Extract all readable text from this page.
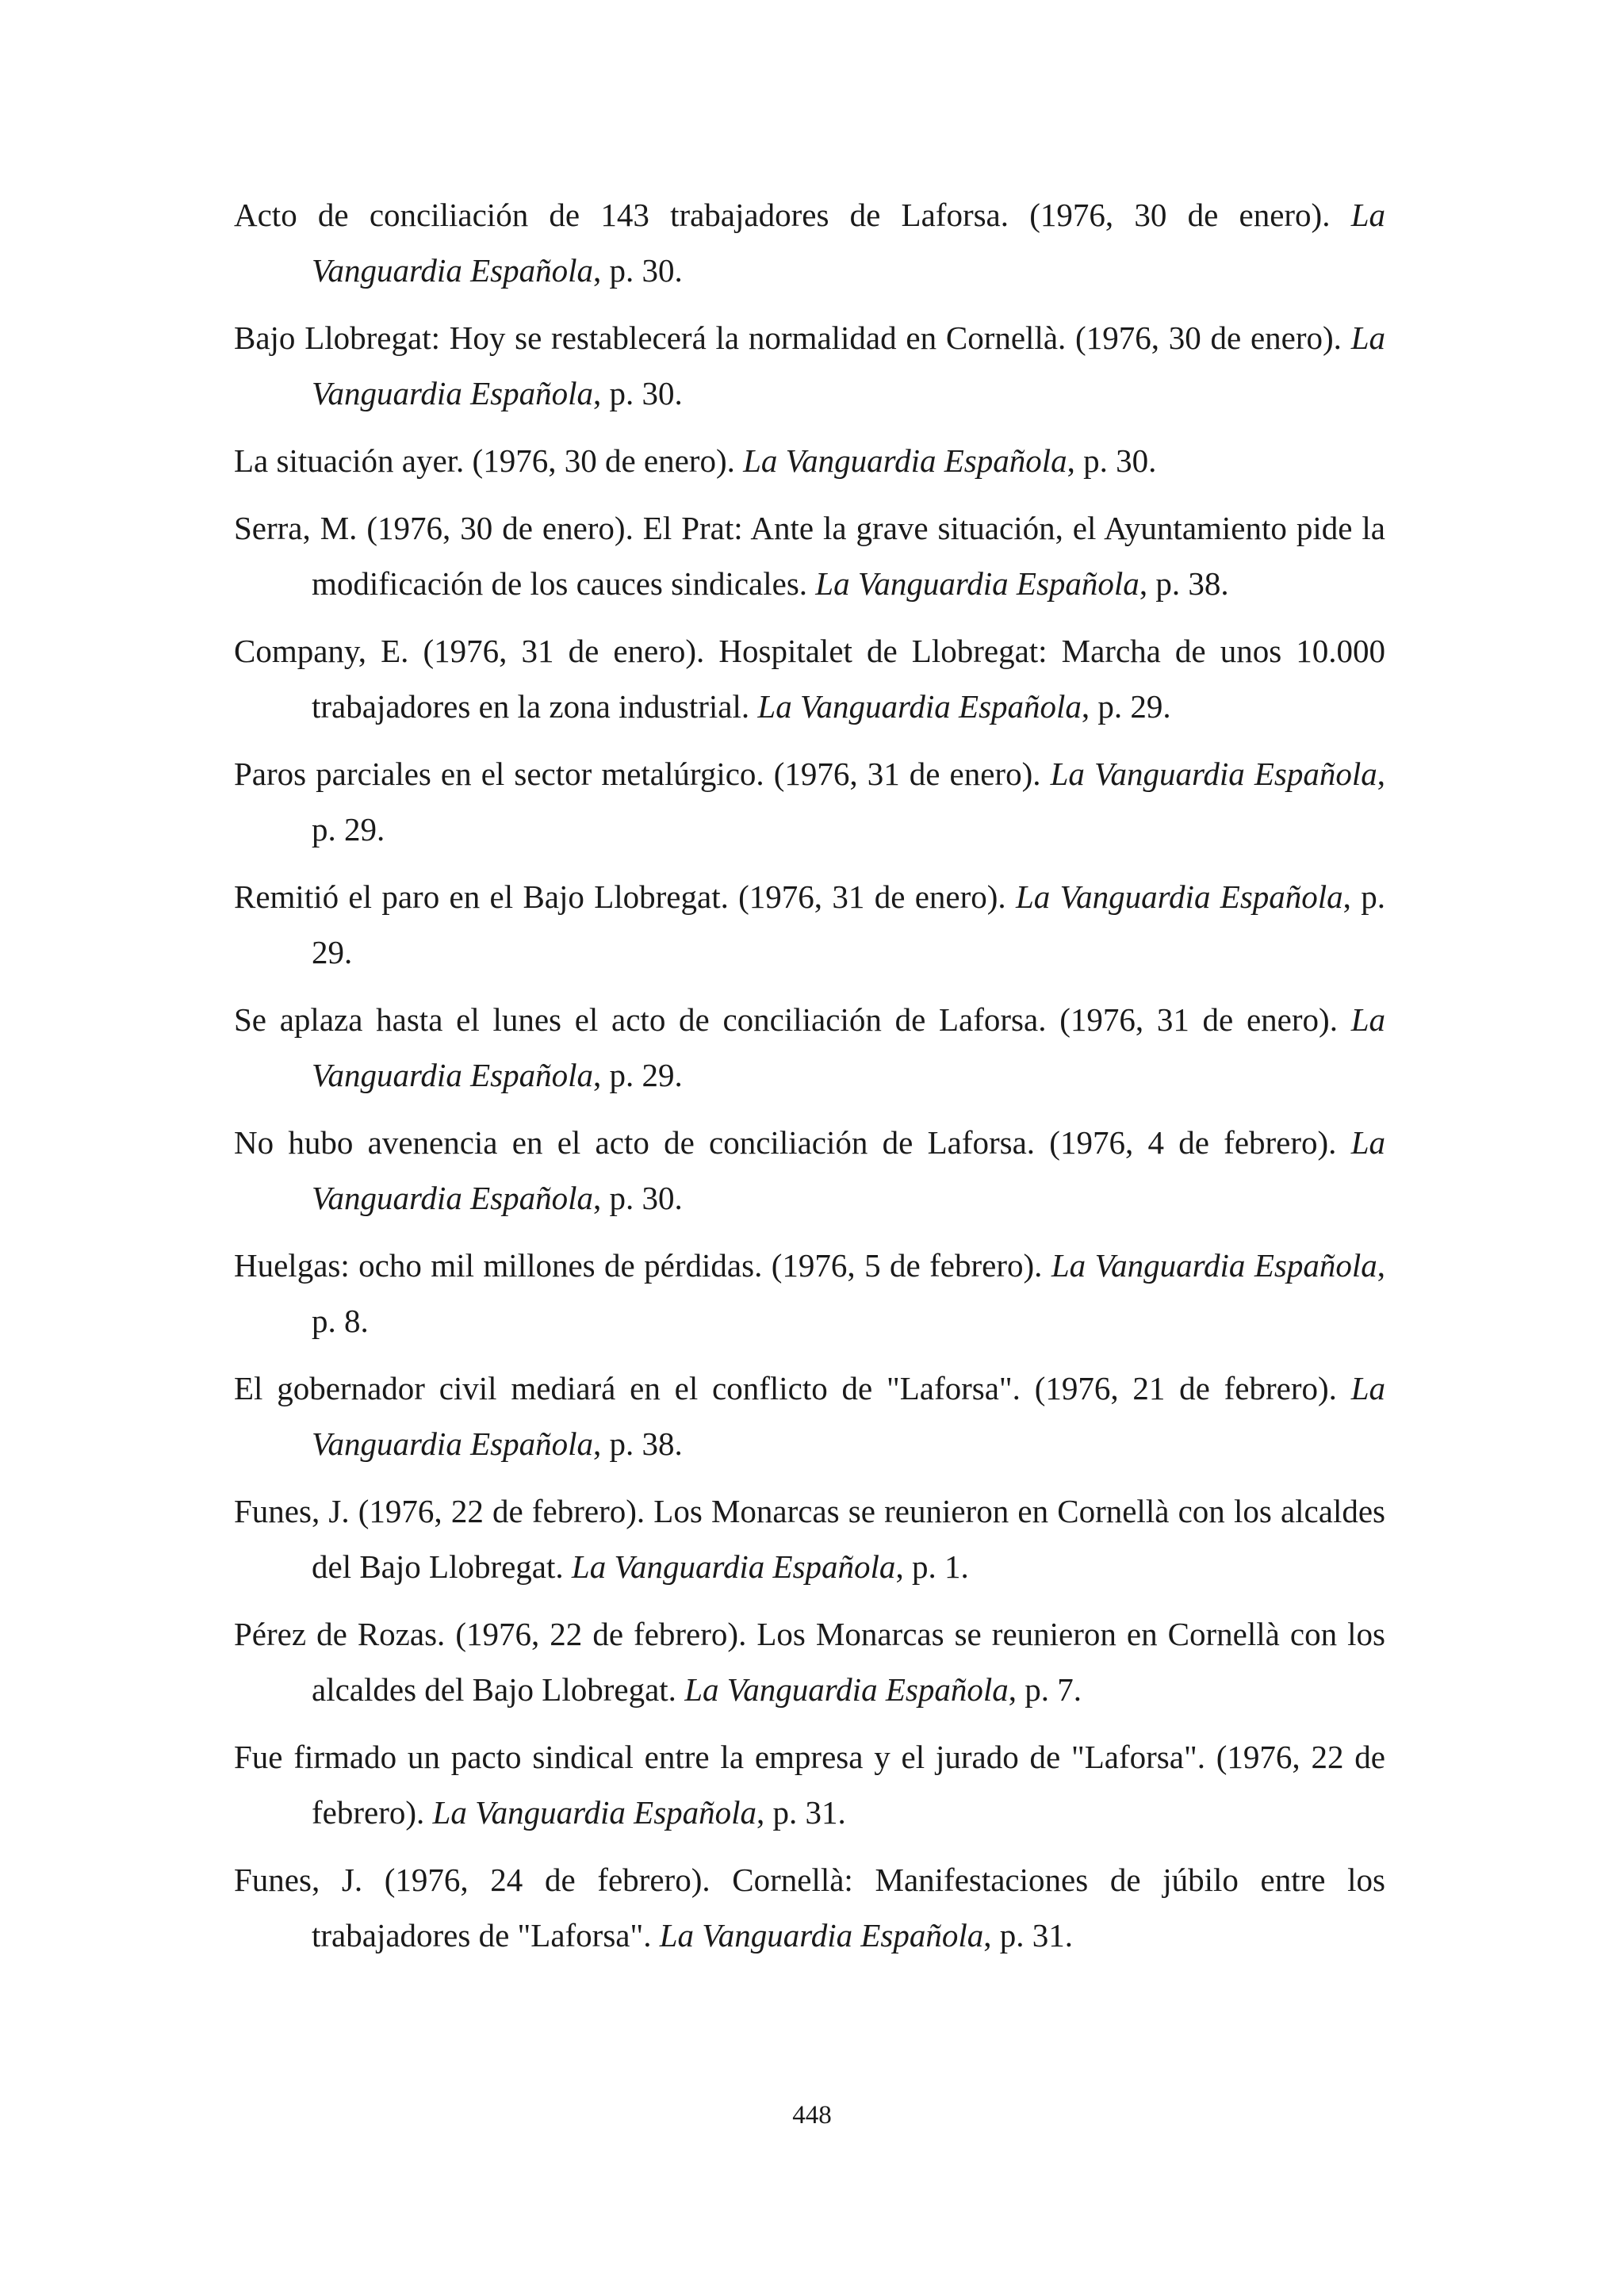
Acto de conciliación de 143 trabajadores de Laforsa. (1976, 30 de enero). La Vanguardia Española, p. 30.

Bajo Llobregat: Hoy se restablecerá la normalidad en Cornellà. (1976, 30 de enero). La Vanguardia Española, p. 30.

La situación ayer. (1976, 30 de enero). La Vanguardia Española, p. 30.

Serra, M. (1976, 30 de enero). El Prat: Ante la grave situación, el Ayuntamiento pide la modificación de los cauces sindicales. La Vanguardia Española, p. 38.

Company, E. (1976, 31 de enero). Hospitalet de Llobregat: Marcha de unos 10.000 trabajadores en la zona industrial. La Vanguardia Española, p. 29.

Paros parciales en el sector metalúrgico. (1976, 31 de enero). La Vanguardia Española, p. 29.

Remitió el paro en el Bajo Llobregat. (1976, 31 de enero). La Vanguardia Española, p. 29.

Se aplaza hasta el lunes el acto de conciliación de Laforsa. (1976, 31 de enero). La Vanguardia Española, p. 29.

No hubo avenencia en el acto de conciliación de Laforsa. (1976, 4 de febrero). La Vanguardia Española, p. 30.

Huelgas: ocho mil millones de pérdidas. (1976, 5 de febrero). La Vanguardia Española, p. 8.

El gobernador civil mediará en el conflicto de "Laforsa". (1976, 21 de febrero). La Vanguardia Española, p. 38.

Funes, J. (1976, 22 de febrero). Los Monarcas se reunieron en Cornellà con los alcaldes del Bajo Llobregat. La Vanguardia Española, p. 1.

Pérez de Rozas. (1976, 22 de febrero). Los Monarcas se reunieron en Cornellà con los alcaldes del Bajo Llobregat. La Vanguardia Española, p. 7.

Fue firmado un pacto sindical entre la empresa y el jurado de "Laforsa". (1976, 22 de febrero). La Vanguardia Española, p. 31.

Funes, J. (1976, 24 de febrero). Cornellà: Manifestaciones de júbilo entre los trabajadores de "Laforsa". La Vanguardia Española, p. 31.

448
